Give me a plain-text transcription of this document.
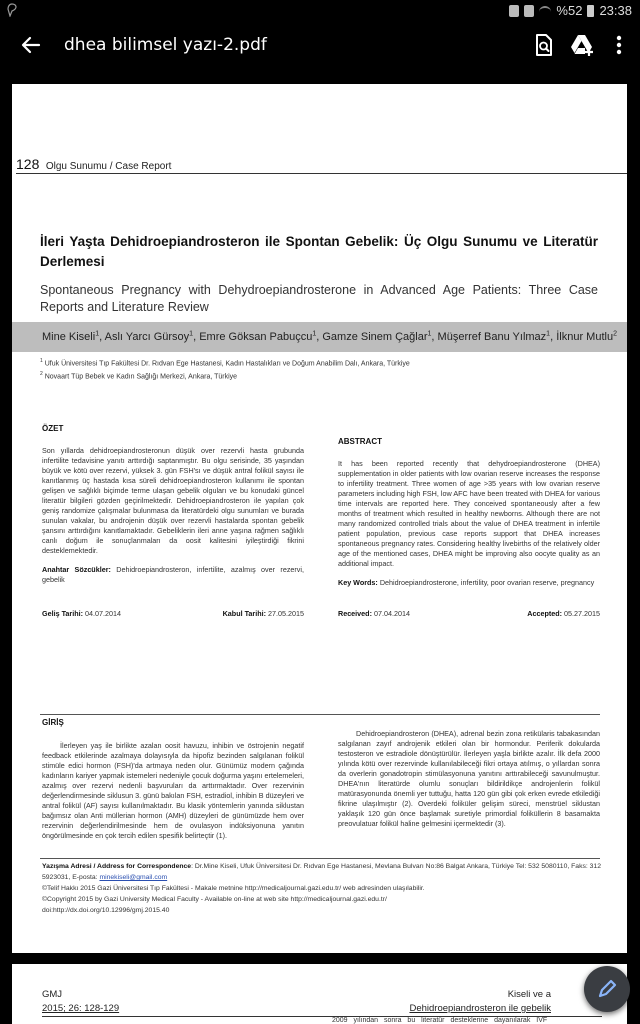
%52 23:38
dhea bilimsel yazı-2.pdf
128 Olgu Sunumu / Case Report
İleri Yaşta Dehidroepiandrosteron ile Spontan Gebelik: Üç Olgu Sunumu ve Literatür Derlemesi
Spontaneous Pregnancy with Dehydroepiandrosterone in Advanced Age Patients: Three Case Reports and Literature Review
Mine Kiseli$^1$, Aslı Yarcı Gürsoy$^1$, Emre Göksan Pabuçcu$^1$, Gamze Sinem Çağlar$^1$, Müşerref Banu Yılmaz$^1$, İlknur Mutlu$^2$
$^1$ Ufuk Üniversitesi Tıp Fakültesi Dr. Rıdvan Ege Hastanesi, Kadın Hastalıkları ve Doğum Anabilim Dalı, Ankara, Türkiye
$^2$ Novaart Tüp Bebek ve Kadın Sağlığı Merkezi, Ankara, Türkiye
ÖZET
Son yıllarda dehidroepiandrosteronun düşük over rezervli hasta grubunda infertilite tedavisine yanıtı arttırdığı saptanmıştır. Bu olgu serisinde, 35 yaşından büyük ve kötü over rezervi, yüksek 3. gün FSH'sı ve düşük antral folikül sayısı ile kanıtlanmış üç hastada kısa süreli dehidroepiandrosteron kullanımı ile spontan gelişen ve sağlıklı biçimde terme ulaşan gebelik olguları ve bu konudaki güncel literatür bilgileri gözden geçirilmektedir. Dehidroepiandrosteron ile yapılan çok geniş randomize çalışmalar bulunmasa da literatürdeki olgu sunumları ve burada sunulan vakalar, bu androjenin düşük over rezervli hastalarda spontan gebelik şansını arttırdığını kanıtlamaktadır. Gebeliklerin ileri anne yaşına rağmen sağlıklı canlı doğum ile sonuçlanmaları da oosit kalitesini iyileştirdiği fikrini desteklemektedir.
Anahtar Sözcükler: Dehidroepiandrosteron, infertilite, azalmış over rezervi, gebelik
Geliş Tarihi: 04.07.2014	Kabul Tarihi: 27.05.2015
ABSTRACT
It has been reported recently that dehydroepiandrosterone (DHEA) supplementation in older patients with low ovarian reserve increases the response to infertility treatment. Three women of age >35 years with low ovarian reserve parameters including high FSH, low AFC have been treated with DHEA for various time intervals are reported here. They conceived spontaneously after a few months of treatment which resulted in healthy newborns. Although there are not many randomized controlled trials about the value of DHEA treatment in infertile patient population, previous case reports support that DHEA increases spontaneous pregnancy rates. Considering healthy livebirths of the relatively older age of the mentioned cases, DHEA might be improving also oocyte quality as an additional impact.
Key Words: Dehidroepiandrosterone, infertility, poor ovarian reserve, pregnancy
Received: 07.04.2014	Accepted: 05.27.2015
GİRİŞ
İlerleyen yaş ile birlikte azalan oosit havuzu, inhibin ve östrojenin negatif feedback etkilerinde azalmaya dolayısıyla da hipofiz bezinden salgılanan folikül stimüle edici hormon (FSH)'da artmaya neden olur. Günümüz modern çağında kadınların kariyer yapmak istemeleri nedeniyle çocuk doğurma yaşını ertelemeleri, azalmış over rezervi nedenli başvuruları da arttırmaktadır. Over rezervinin değerlendirmesinde siklusun 3. günü bakılan FSH, estradiol, inhibin B düzeyleri ve antral folikül (AF) sayısı kullanılmaktadır. Bu klasik yöntemlerin yanında siklustan bağımsız olan Anti müllerian hormon (AMH) düzeyleri de günümüzde hem over rezervinin değerlendirilmesinde hem de ovulasyon indüksiyonuna yanıtın öngörülmesinde en çok tercih edilen spesifik belirteçtir (1).
Dehidroepiandrosteron (DHEA), adrenal bezin zona retikülaris tabakasından salgılanan zayıf androjenik etkileri olan bir hormondur. Periferik dokularda testosteron ve estradiole dönüştürülür. İlerleyen yaşla birlikte azalır. İlk defa 2000 yılında kötü over rezervinde kullanılabileceği fikri ortaya atılmış, o yıllardan sonra da overlerin gonadotropin stimülasyonuna yanıtını arttırabileceği savunulmuştur. DHEA'nın literatürde olumlu sonuçları bildirildikçe androjenlerin folikül matürasyonunda önemli yer tuttuğu, hatta 120 gün gibi çok erken evrede etkilediği fikrine ulaşılmıştır (2). Overdeki foliküler gelişim süreci, menstrüel siklustan yaklaşık 120 gün önce başlamak suretiyle primordial foliküllerin 8 basamakta preovulatuar folikül haline gelmesini içermektedir (3).
Yazışma Adresi / Address for Correspondence: Dr.Mine Kiseli, Ufuk Üniversitesi Dr. Rıdvan Ege Hastanesi, Mevlana Bulvarı No:86 Balgat Ankara, Türkiye Tel: 532 5080110, Faks: 312 5923031, E-posta: minekiseli@gmail.com
©Telif Hakkı 2015 Gazi Üniversitesi Tıp Fakültesi - Makale metnine http://medicaljournal.gazi.edu.tr/ web adresinden ulaşılabilir.
©Copyright 2015 by Gazi University Medical Faculty - Available on-line at web site http://medicaljournal.gazi.edu.tr/
doi:http://dx.doi.org/10.12996/gmj.2015.40
GMJ
2015; 26: 128-129
Kiseli ve a
Dehidroepiandrosteron ile gebelik
2009 yılından sonra bu literatür desteklerine dayanılarak IVF
